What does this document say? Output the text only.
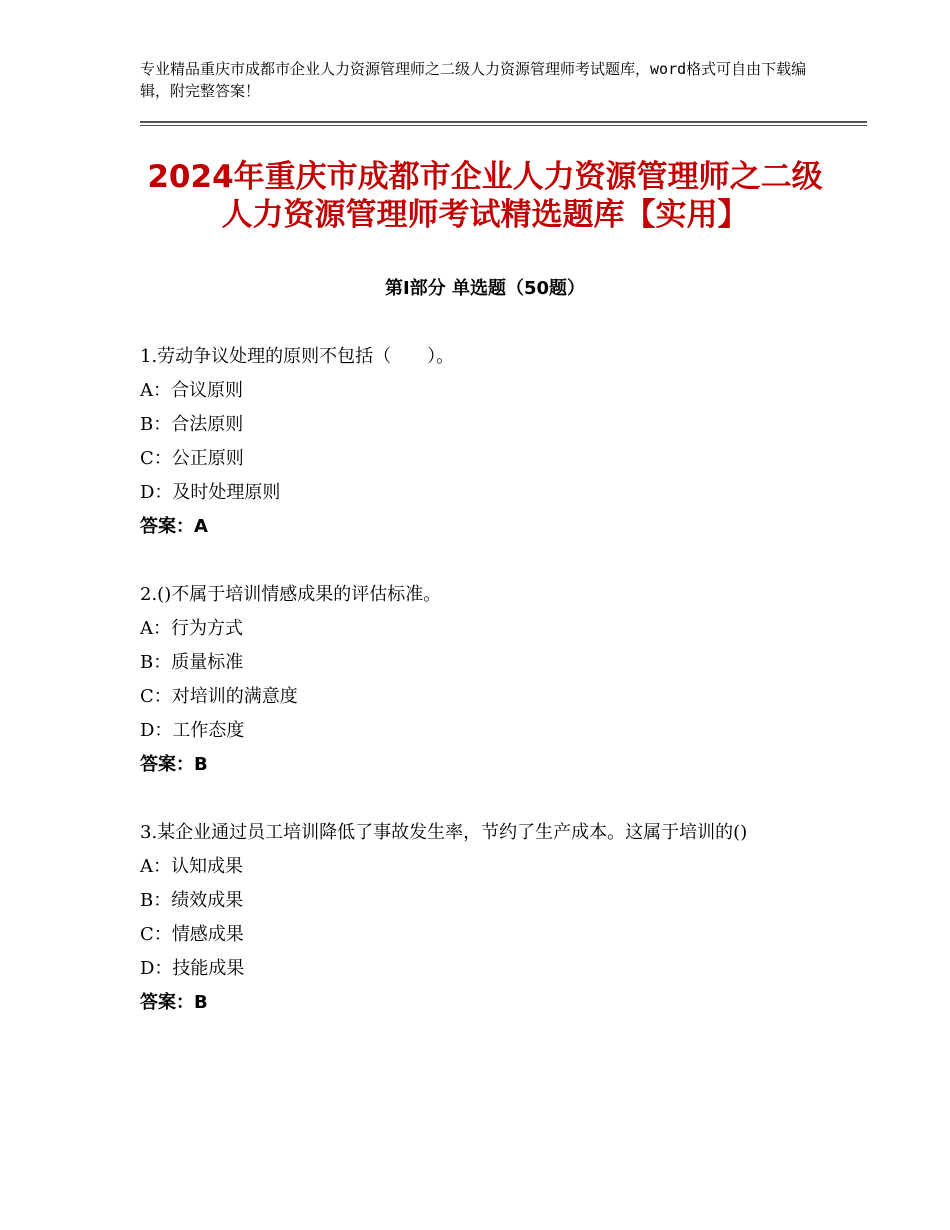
专业精品重庆市成都市企业人力资源管理师之二级人力资源管理师考试题库，word格式可自由下载编辑，附完整答案！
2024年重庆市成都市企业人力资源管理师之二级人力资源管理师考试精选题库【实用】
第Ⅰ部分 单选题（50题）
1.劳动争议处理的原则不包括（　　）。
A：合议原则
B：合法原则
C：公正原则
D：及时处理原则
答案：A
2.()不属于培训情感成果的评估标准。
A：行为方式
B：质量标准
C：对培训的满意度
D：工作态度
答案：B
3.某企业通过员工培训降低了事故发生率，节约了生产成本。这属于培训的()
A：认知成果
B：绩效成果
C：情感成果
D：技能成果
答案：B
